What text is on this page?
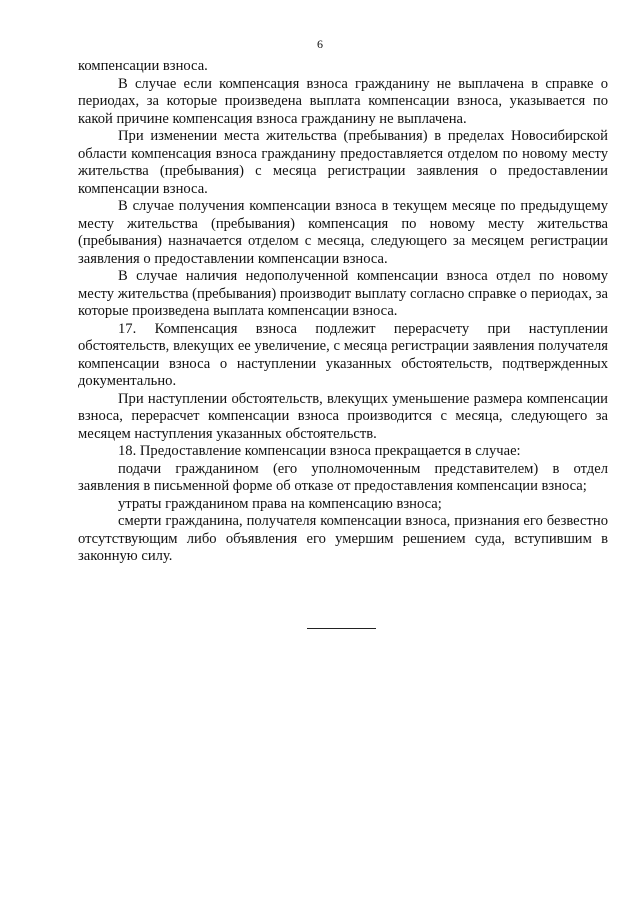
6

компенсации взноса.

В случае если компенсация взноса гражданину не выплачена в справке о периодах, за которые произведена выплата компенсации взноса, указывается по какой причине компенсация взноса гражданину не выплачена.

При изменении места жительства (пребывания) в пределах Новосибирской области компенсация взноса гражданину предоставляется отделом по новому месту жительства (пребывания) с месяца регистрации заявления о предоставлении компенсации взноса.

В случае получения компенсации взноса в текущем месяце по предыдущему месту жительства (пребывания) компенсация по новому месту жительства (пребывания) назначается отделом с месяца, следующего за месяцем регистрации заявления о предоставлении компенсации взноса.

В случае наличия недополученной компенсации взноса отдел по новому месту жительства (пребывания) производит выплату согласно справке о периодах, за которые произведена выплата компенсации взноса.

17. Компенсация взноса подлежит перерасчету при наступлении обстоятельств, влекущих ее увеличение, с месяца регистрации заявления получателя компенсации взноса о наступлении указанных обстоятельств, подтвержденных документально.

При наступлении обстоятельств, влекущих уменьшение размера компенсации взноса, перерасчет компенсации взноса производится с месяца, следующего за месяцем наступления указанных обстоятельств.

18. Предоставление компенсации взноса прекращается в случае:

подачи гражданином (его уполномоченным представителем) в отдел заявления в письменной форме об отказе от предоставления компенсации взноса;

утраты гражданином права на компенсацию взноса;

смерти гражданина, получателя компенсации взноса, признания его безвестно отсутствующим либо объявления его умершим решением суда, вступившим в законную силу.
